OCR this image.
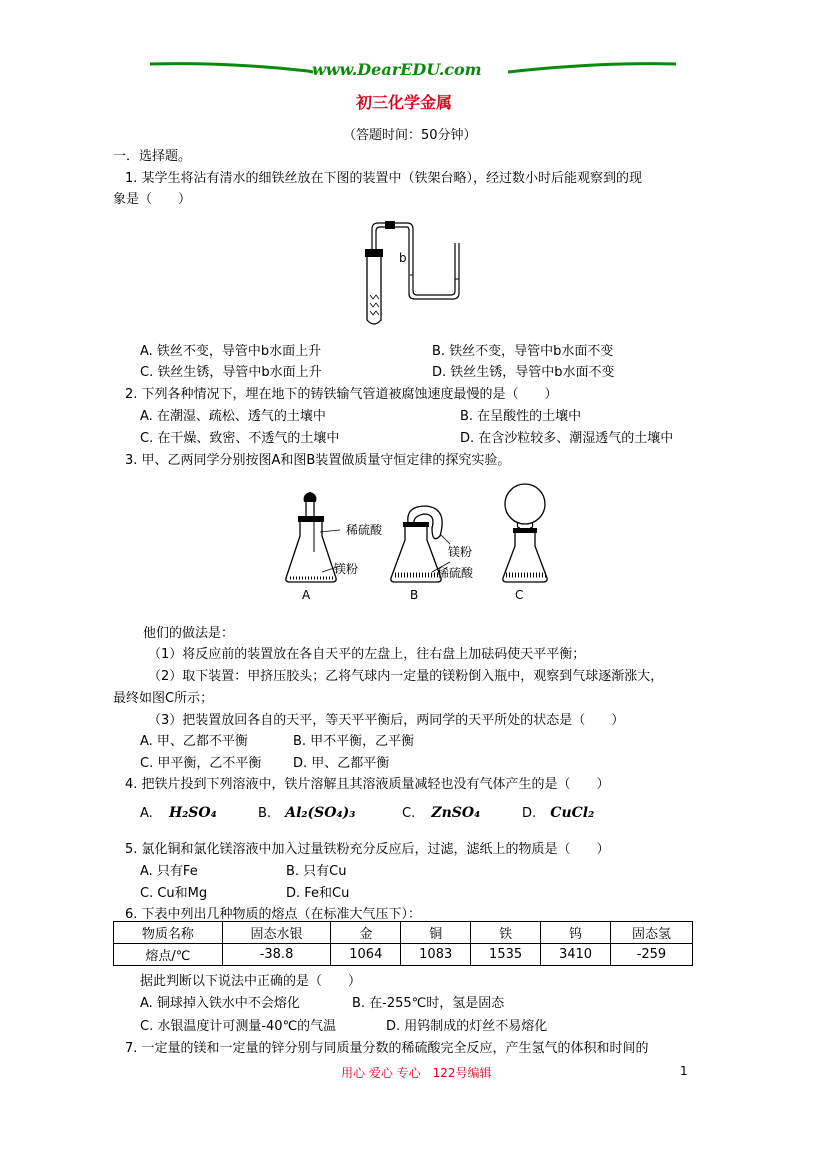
www.DearEDU.com
初三化学金属
（答题时间：50分钟）
一．选择题。
1. 某学生将沾有清水的细铁丝放在下图的装置中（铁架台略），经过数小时后能观察到的现
象是（　　）
b
A. 铁丝不变，导管中b水面上升	B. 铁丝不变，导管中b水面不变
C. 铁丝生锈，导管中b水面上升	D. 铁丝生锈，导管中b水面不变
2. 下列各种情况下，埋在地下的铸铁输气管道被腐蚀速度最慢的是（　　）
A. 在潮湿、疏松、透气的土壤中	B. 在呈酸性的土壤中
C. 在干燥、致密、不透气的土壤中	D. 在含沙粒较多、潮湿透气的土壤中
3. 甲、乙两同学分别按图A和图B装置做质量守恒定律的探究实验。
稀硫酸
镁粉
镁粉
稀硫酸
A	B	C
他们的做法是：
（1）将反应前的装置放在各自天平的左盘上，往右盘上加砝码使天平平衡；
（2）取下装置：甲挤压胶头；乙将气球内一定量的镁粉倒入瓶中，观察到气球逐渐涨大，
最终如图C所示；
（3）把装置放回各自的天平，等天平平衡后，两同学的天平所处的状态是（　　）
A. 甲、乙都不平衡	B. 甲不平衡，乙平衡
C. 甲平衡，乙不平衡 D. 甲、乙都平衡
4. 把铁片投到下列溶液中，铁片溶解且其溶液质量减轻也没有气体产生的是（　　）
A. H₂SO₄	B. Al₂(SO₄)₃	C. ZnSO₄	D. CuCl₂
5. 氯化铜和氯化镁溶液中加入过量铁粉充分反应后，过滤，滤纸上的物质是（　　）
A. 只有Fe	B. 只有Cu
C. Cu和Mg	D. Fe和Cu
6. 下表中列出几种物质的熔点（在标准大气压下）：
物质名称	固态水银	金	铜	铁	钨	固态氢
熔点/℃	-38.8	1064	1083	1535	3410	-259
据此判断以下说法中正确的是（　　）
A. 铜球掉入铁水中不会熔化	B. 在-255℃时，氢是固态
C. 水银温度计可测量-40℃的气温	D. 用钨制成的灯丝不易熔化
7. 一定量的镁和一定量的锌分别与同质量分数的稀硫酸完全反应，产生氢气的体积和时间的
用心 爱心 专心　122号编辑	1
